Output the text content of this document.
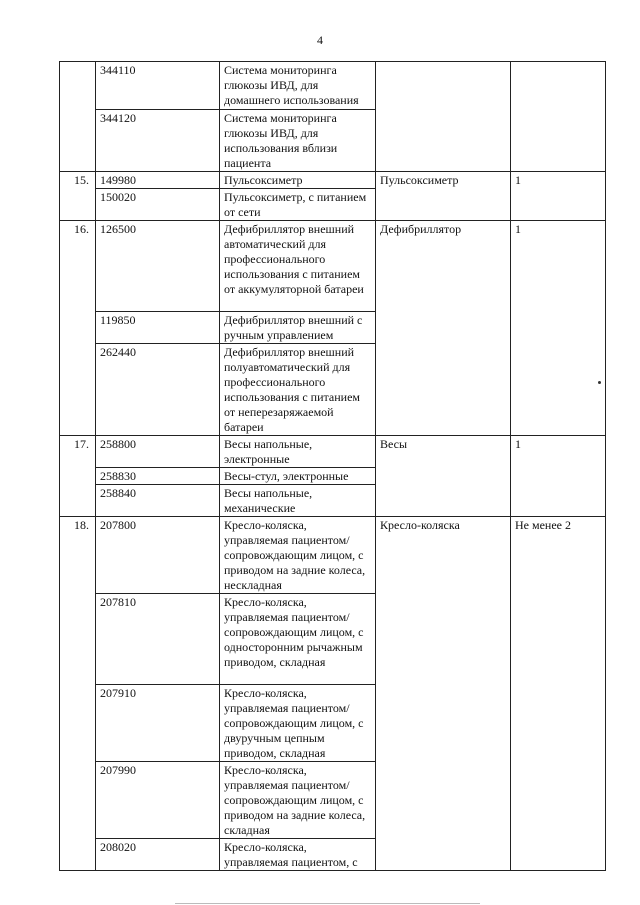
4
	344110	Система мониторинга глюкозы ИВД, для домашнего использования		
	344120	Система мониторинга глюкозы ИВД, для использования вблизи пациента		
15.	149980	Пульсоксиметр	Пульсоксиметр	1
	150020	Пульсоксиметр, с питанием от сети		
16.	126500	Дефибриллятор внешний автоматический для профессионального использования с питанием от аккумуляторной батареи	Дефибриллятор	1
	119850	Дефибриллятор внешний с ручным управлением		
	262440	Дефибриллятор внешний полуавтоматический для профессионального использования с питанием от неперезаряжаемой батареи		
17.	258800	Весы напольные, электронные	Весы	1
	258830	Весы-стул, электронные		
	258840	Весы напольные, механические		
18.	207800	Кресло-коляска, управляемая пациентом/ сопровождающим лицом, с приводом на задние колеса, нескладная	Кресло-коляска	Не менее 2
	207810	Кресло-коляска, управляемая пациентом/ сопровождающим лицом, с односторонним рычажным приводом, складная		
	207910	Кресло-коляска, управляемая пациентом/ сопровождающим лицом, с двуручным цепным приводом, складная		
	207990	Кресло-коляска, управляемая пациентом/ сопровождающим лицом, с приводом на задние колеса, складная		
	208020	Кресло-коляска, управляемая пациентом, с		
